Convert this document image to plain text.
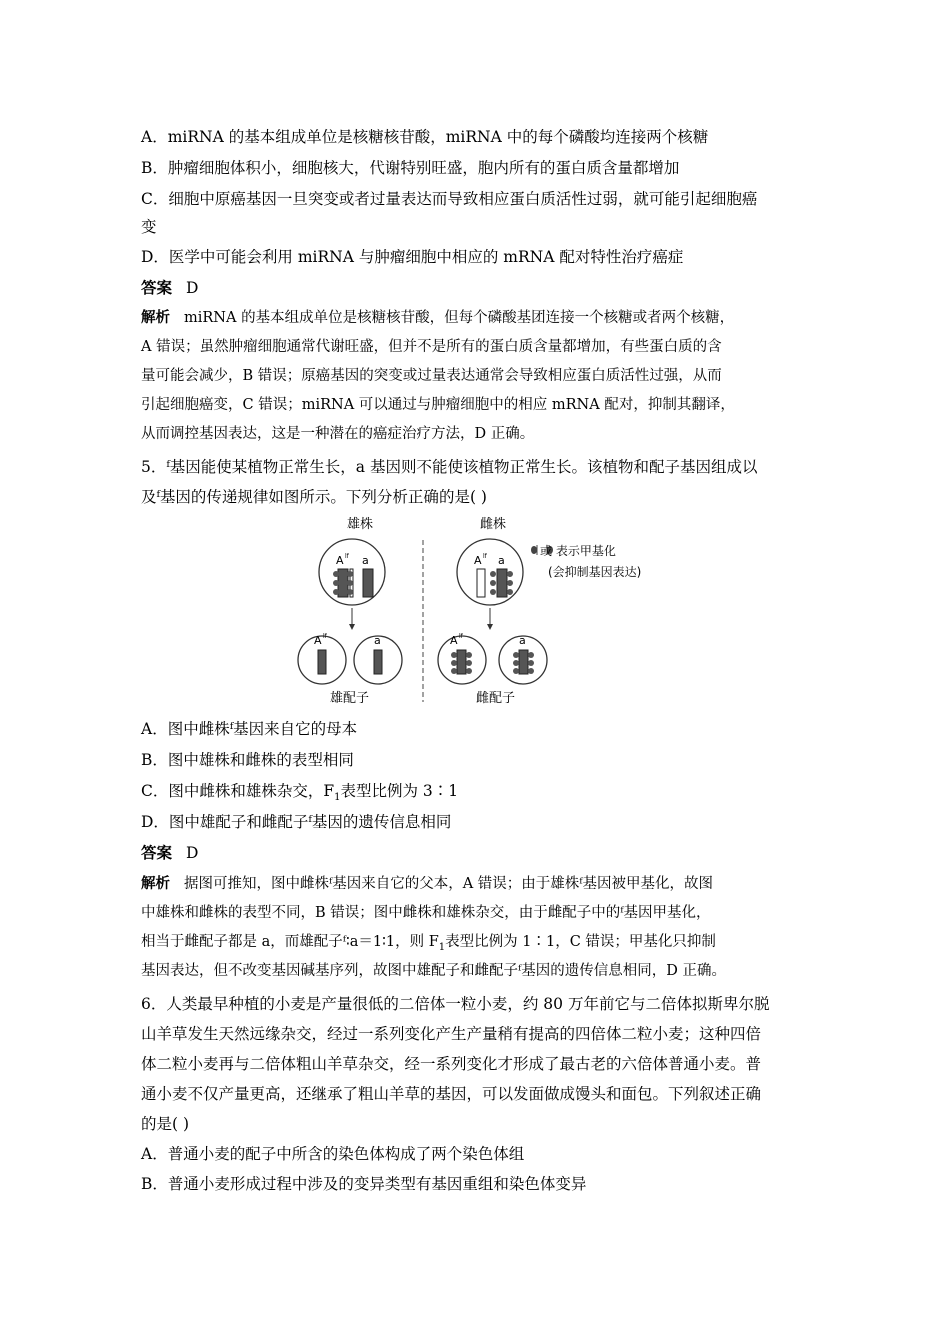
A．miRNA 的基本组成单位是核糖核苷酸，miRNA 中的每个磷酸均连接两个核糖
B．肿瘤细胞体积小，细胞核大，代谢特别旺盛，胞内所有的蛋白质含量都增加
C．细胞中原癌基因一旦突变或者过量表达而导致相应蛋白质活性过弱，就可能引起细胞癌
变
D．医学中可能会利用 miRNA 与肿瘤细胞中相应的 mRNA 配对特性治疗癌症
答案 D
解析 miRNA 的基本组成单位是核糖核苷酸，但每个磷酸基团连接一个核糖或者两个核糖，
A 错误；虽然肿瘤细胞通常代谢旺盛，但并不是所有的蛋白质含量都增加，有些蛋白质的含
量可能会减少，B 错误；原癌基因的突变或过量表达通常会导致相应蛋白质活性过强，从而
引起细胞癌变，C 错误；miRNA 可以通过与肿瘤细胞中的相应 mRNA 配对，抑制其翻译，
从而调控基因表达，这是一种潜在的癌症治疗方法，D 正确。
5．ᶠ基因能使某植物正常生长，a 基因则不能使该植物正常生长。该植物和配子基因组成以
及ᶠ基因的传递规律如图所示。下列分析正确的是( )
雄株	雌株
A lf a
A lf	a
雄配子
A lf a
A lf	a
雌配子
或 表示甲基化
(会抑制基因表达)
A．图中雌株ᶠ基因来自它的母本
B．图中雄株和雌株的表型相同
C．图中雌株和雄株杂交，$F_1$表型比例为 3∶1
D．图中雄配子和雌配子ᶠ基因的遗传信息相同
答案 D
解析 据图可推知，图中雌株ᶠ基因来自它的父本，A 错误；由于雄株ᶠ基因被甲基化，故图
中雄株和雌株的表型不同，B 错误；图中雌株和雄株杂交，由于雌配子中的ᶠ基因甲基化，
相当于雌配子都是 a，而雄配子ᶠ∶a＝1∶1，则 $F_1$表型比例为 1∶1，C 错误；甲基化只抑制
基因表达，但不改变基因碱基序列，故图中雄配子和雌配子ᶠ基因的遗传信息相同，D 正确。
6．人类最早种植的小麦是产量很低的二倍体一粒小麦，约 80 万年前它与二倍体拟斯卑尔脱
山羊草发生天然远缘杂交，经过一系列变化产生产量稍有提高的四倍体二粒小麦；这种四倍
体二粒小麦再与二倍体粗山羊草杂交，经一系列变化才形成了最古老的六倍体普通小麦。普
通小麦不仅产量更高，还继承了粗山羊草的基因，可以发面做成馒头和面包。下列叙述正确
的是( )
A．普通小麦的配子中所含的染色体构成了两个染色体组
B．普通小麦形成过程中涉及的变异类型有基因重组和染色体变异
